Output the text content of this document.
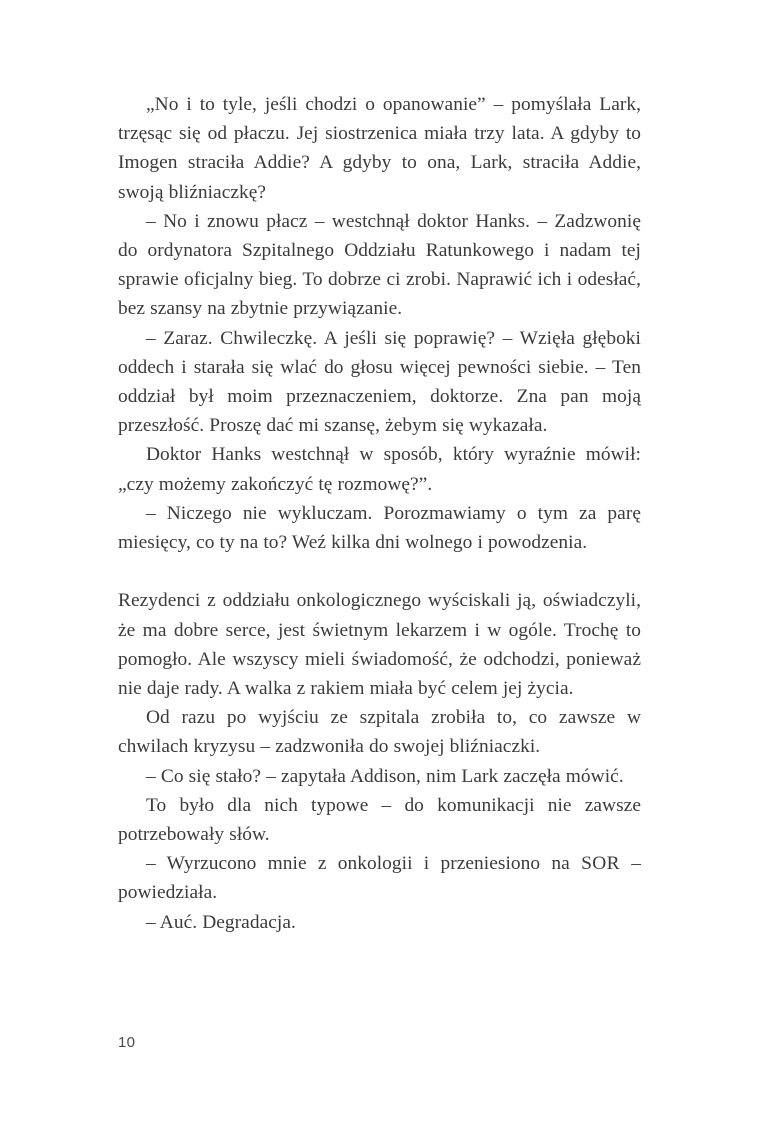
„No i to tyle, jeśli chodzi o opanowanie” – pomyślała Lark, trzęsąc się od płaczu. Jej siostrzenica miała trzy lata. A gdyby to Imogen straciła Addie? A gdyby to ona, Lark, straciła Addie, swoją bliźniaczkę?

– No i znowu płacz – westchnął doktor Hanks. – Zadzwonię do ordynatora Szpitalnego Oddziału Ratunkowego i nadam tej sprawie oficjalny bieg. To dobrze ci zrobi. Naprawić ich i odesłać, bez szansy na zbytnie przywiązanie.

– Zaraz. Chwileczkę. A jeśli się poprawię? – Wzięła głęboki oddech i starała się wlać do głosu więcej pewności siebie. – Ten oddział był moim przeznaczeniem, doktorze. Zna pan moją przeszłość. Proszę dać mi szansę, żebym się wykazała.

Doktor Hanks westchnął w sposób, który wyraźnie mówił: „czy możemy zakończyć tę rozmowę?”.

– Niczego nie wykluczam. Porozmawiamy o tym za parę miesięcy, co ty na to? Weź kilka dni wolnego i powodzenia.

Rezydenci z oddziału onkologicznego wyściskali ją, oświadczyli, że ma dobre serce, jest świetnym lekarzem i w ogóle. Trochę to pomogło. Ale wszyscy mieli świadomość, że odchodzi, ponieważ nie daje rady. A walka z rakiem miała być celem jej życia.

Od razu po wyjściu ze szpitala zrobiła to, co zawsze w chwilach kryzysu – zadzwoniła do swojej bliźniaczki.

– Co się stało? – zapytała Addison, nim Lark zaczęła mówić.

To było dla nich typowe – do komunikacji nie zawsze potrzebowały słów.

– Wyrzucono mnie z onkologii i przeniesiono na SOR – powiedziała.

– Auć. Degradacja.

10
